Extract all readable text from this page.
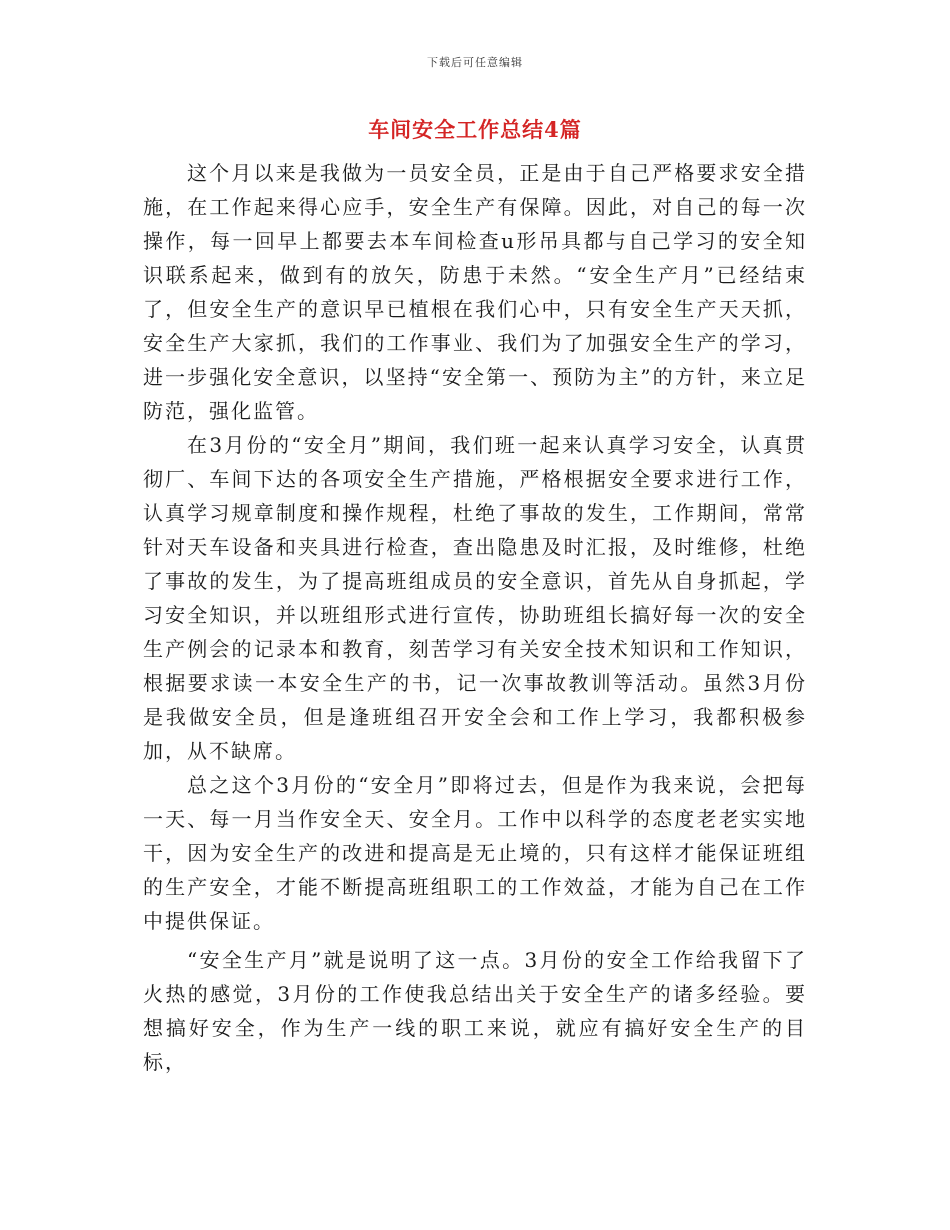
下载后可任意编辑
车间安全工作总结4篇

这个月以来是我做为一员安全员，正是由于自己严格要求安全措施，在工作起来得心应手，安全生产有保障。因此，对自己的每一次操作，每一回早上都要去本车间检查u形吊具都与自己学习的安全知识联系起来，做到有的放矢，防患于未然。“安全生产月”已经结束了，但安全生产的意识早已植根在我们心中，只有安全生产天天抓，安全生产大家抓，我们的工作事业、我们为了加强安全生产的学习，进一步强化安全意识，以坚持“安全第一、预防为主”的方针，来立足防范，强化监管。

在3月份的“安全月”期间，我们班一起来认真学习安全，认真贯彻厂、车间下达的各项安全生产措施，严格根据安全要求进行工作，认真学习规章制度和操作规程，杜绝了事故的发生，工作期间，常常针对天车设备和夹具进行检查，查出隐患及时汇报，及时维修，杜绝了事故的发生，为了提高班组成员的安全意识，首先从自身抓起，学习安全知识，并以班组形式进行宣传，协助班组长搞好每一次的安全生产例会的记录本和教育，刻苦学习有关安全技术知识和工作知识，根据要求读一本安全生产的书，记一次事故教训等活动。虽然3月份是我做安全员，但是逢班组召开安全会和工作上学习，我都积极参加，从不缺席。

总之这个3月份的“安全月”即将过去，但是作为我来说，会把每一天、每一月当作安全天、安全月。工作中以科学的态度老老实实地干，因为安全生产的改进和提高是无止境的，只有这样才能保证班组的生产安全，才能不断提高班组职工的工作效益，才能为自己在工作中提供保证。

“安全生产月”就是说明了这一点。3月份的安全工作给我留下了火热的感觉，3月份的工作使我总结出关于安全生产的诸多经验。要想搞好安全，作为生产一线的职工来说，就应有搞好安全生产的目标，
